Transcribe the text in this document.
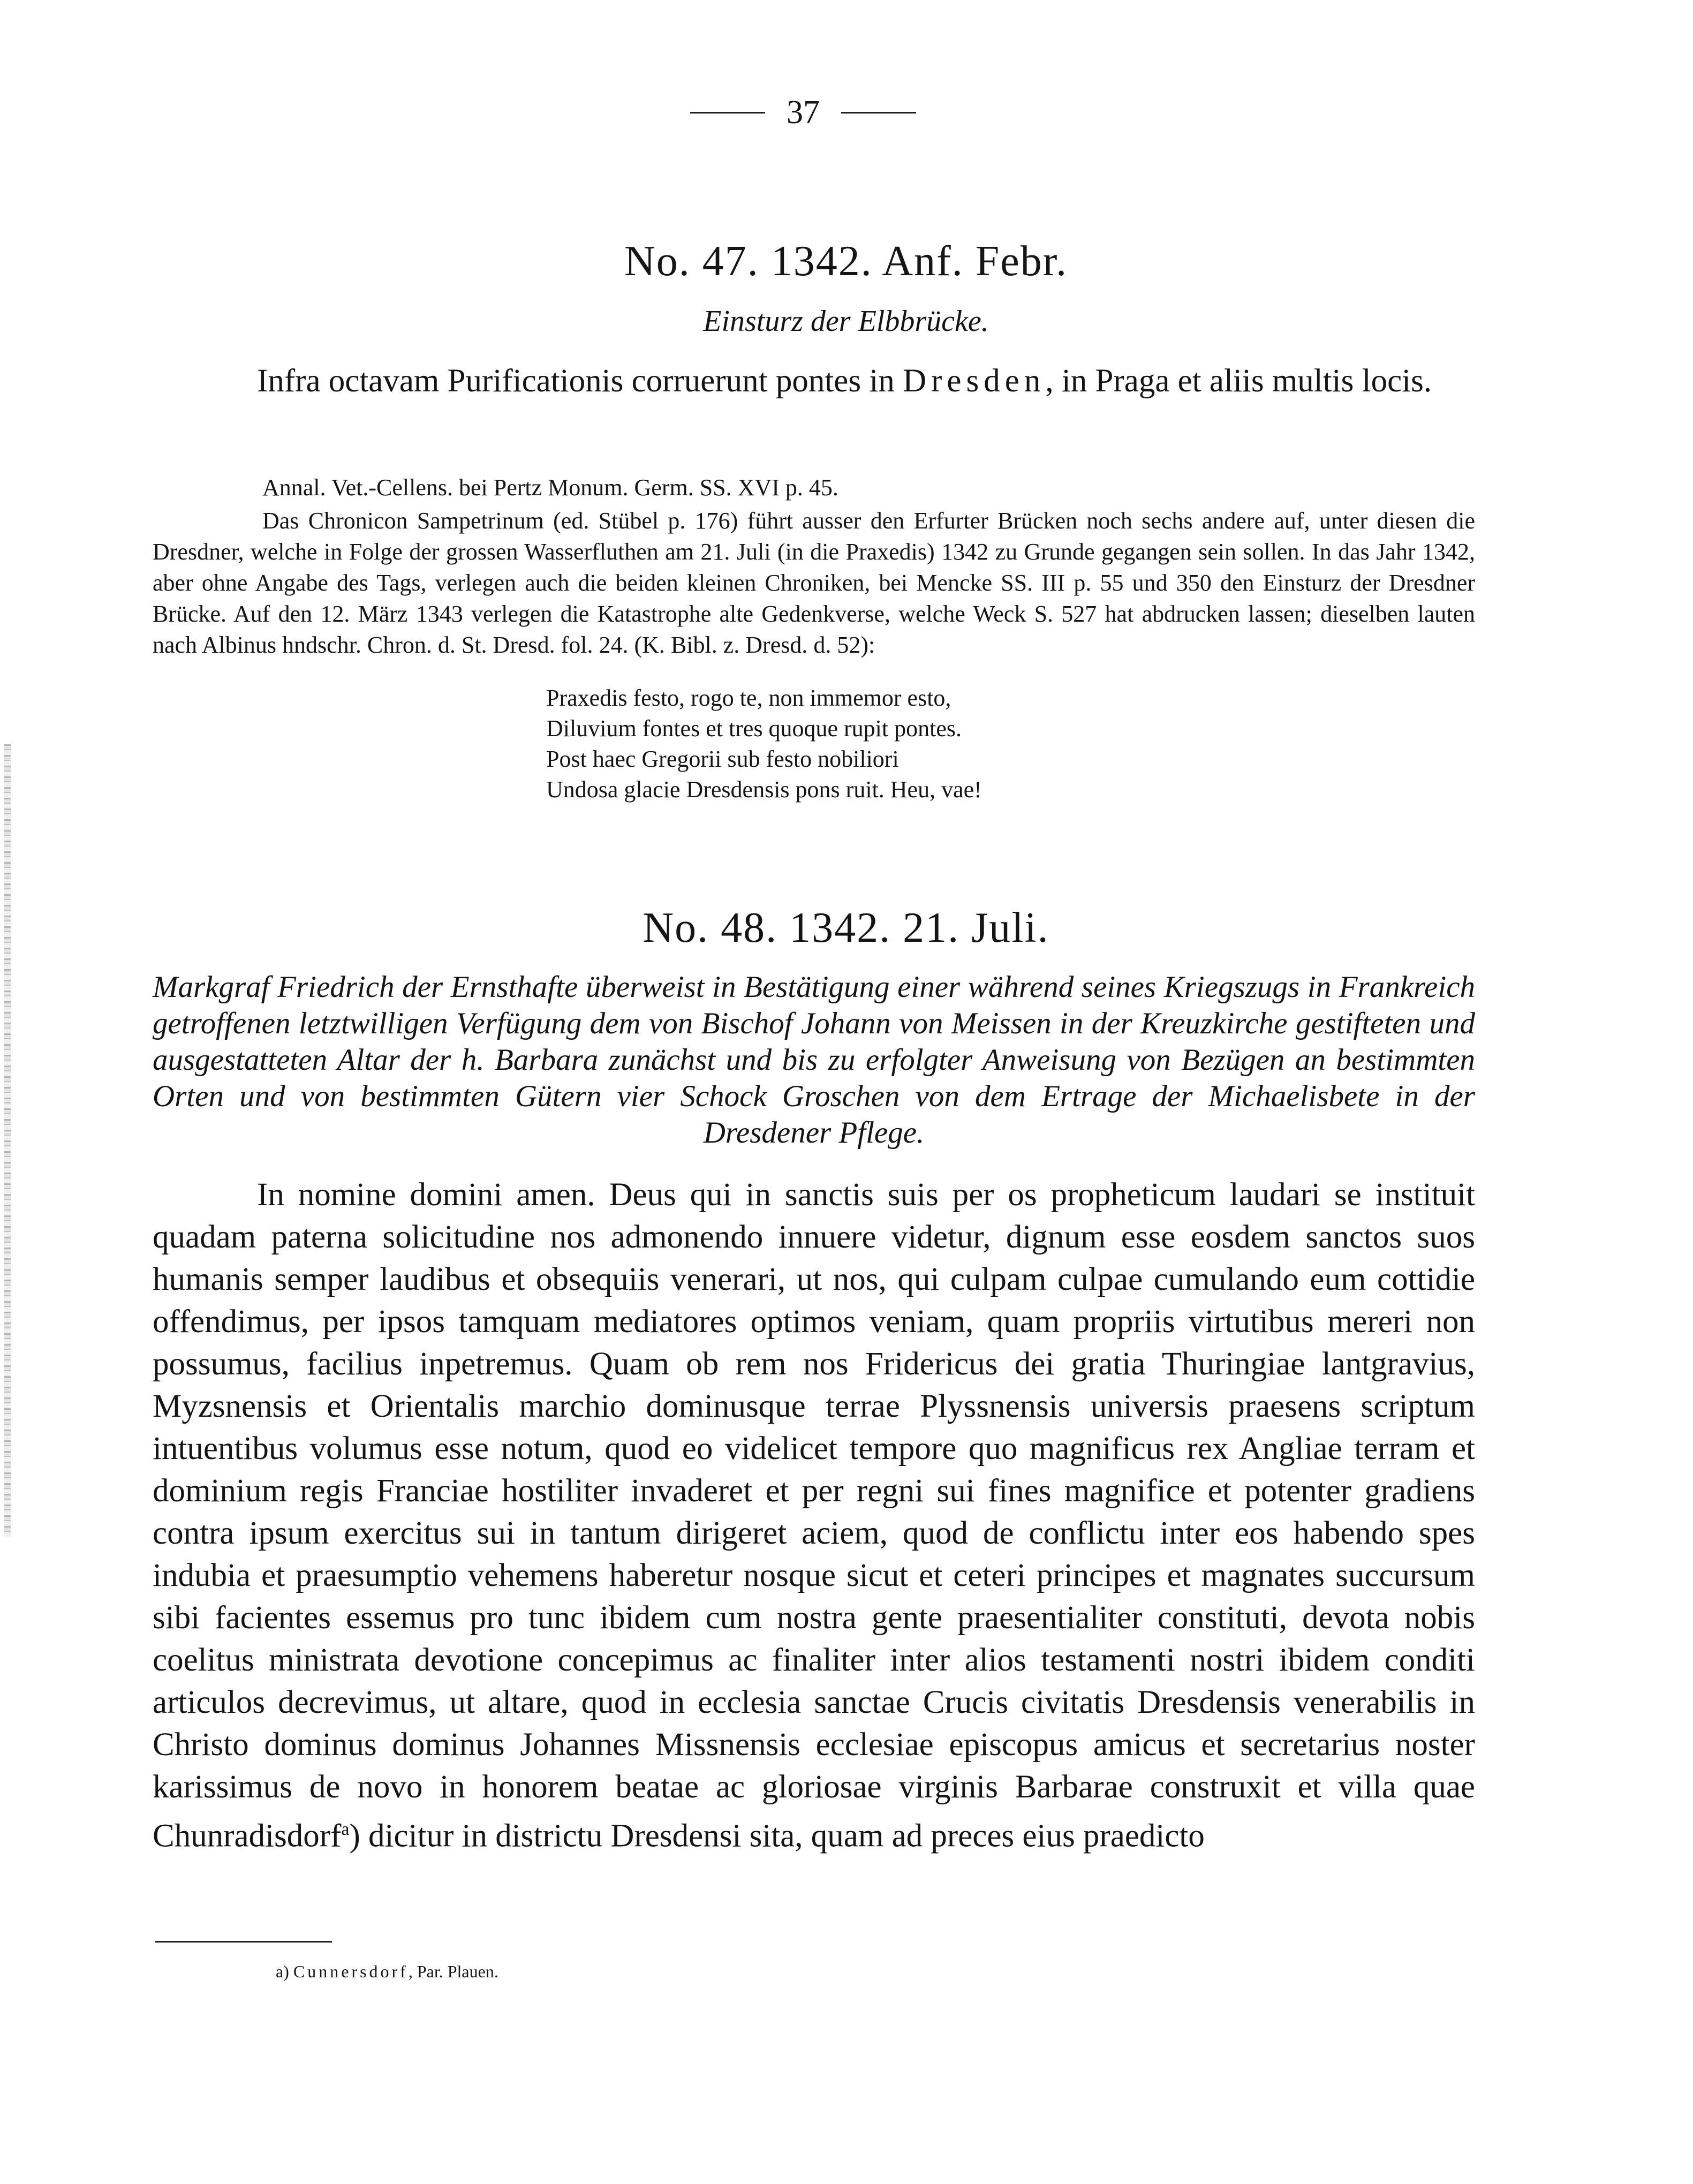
37
No. 47. 1342. Anf. Febr.
Einsturz der Elbbrücke.

Infra octavam Purificationis corruerunt pontes in Dresden, in Praga et aliis multis locis.

Annal. Vet.-Cellens. bei Pertz Monum. Germ. SS. XVI p. 45.

Das Chronicon Sampetrinum (ed. Stübel p. 176) führt ausser den Erfurter Brücken noch sechs andere auf, unter diesen die Dresdner, welche in Folge der grossen Wasserfluthen am 21. Juli (in die Praxedis) 1342 zu Grunde gegangen sein sollen. In das Jahr 1342, aber ohne Angabe des Tags, verlegen auch die beiden kleinen Chroniken, bei Mencke SS. III p. 55 und 350 den Einsturz der Dresdner Brücke. Auf den 12. März 1343 verlegen die Katastrophe alte Gedenkverse, welche Weck S. 527 hat abdrucken lassen; dieselben lauten nach Albinus hndschr. Chron. d. St. Dresd. fol. 24. (K. Bibl. z. Dresd. d. 52):

Praxedis festo, rogo te, non immemor esto,
Diluvium fontes et tres quoque rupit pontes.
Post haec Gregorii sub festo nobiliori
Undosa glacie Dresdensis pons ruit. Heu, vae!
No. 48. 1342. 21. Juli.

Markgraf Friedrich der Ernsthafte überweist in Bestätigung einer während seines Kriegszugs in Frankreich getroffenen letztwilligen Verfügung dem von Bischof Johann von Meissen in der Kreuzkirche gestifteten und ausgestatteten Altar der h. Barbara zunächst und bis zu erfolgter Anweisung von Bezügen an bestimmten Orten und von bestimmten Gütern vier Schock Groschen von dem Ertrage der Michaelisbete in der Dresdener Pflege.

In nomine domini amen. Deus qui in sanctis suis per os propheticum laudari se instituit quadam paterna solicitudine nos admonendo innuere videtur, dignum esse eosdem sanctos suos humanis semper laudibus et obsequiis venerari, ut nos, qui culpam culpae cumulando eum cottidie offendimus, per ipsos tamquam mediatores optimos veniam, quam propriis virtutibus mereri non possumus, facilius inpetremus. Quam ob rem nos Fridericus dei gratia Thuringiae lantgravius, Myzsnensis et Orientalis marchio dominusque terrae Plyssnensis universis praesens scriptum intuentibus volumus esse notum, quod eo videlicet tempore quo magnificus rex Angliae terram et dominium regis Franciae hostiliter invaderet et per regni sui fines magnifice et potenter gradiens contra ipsum exercitus sui in tantum dirigeret aciem, quod de conflictu inter eos habendo spes indubia et praesumptio vehemens haberetur nosque sicut et ceteri principes et magnates succursum sibi facientes essemus pro tunc ibidem cum nostra gente praesentialiter constituti, devota nobis coelitus ministrata devotione concepimus ac finaliter inter alios testamenti nostri ibidem conditi articulos decrevimus, ut altare, quod in ecclesia sanctae Crucis civitatis Dresdensis venerabilis in Christo dominus dominus Johannes Missnensis ecclesiae episcopus amicus et secretarius noster karissimus de novo in honorem beatae ac gloriosae virginis Barbarae construxit et villa quae Chunradisdorf$^a$) dicitur in districtu Dresdensi sita, quam ad preces eius praedicto

a) Cunnersdorf, Par. Plauen.
